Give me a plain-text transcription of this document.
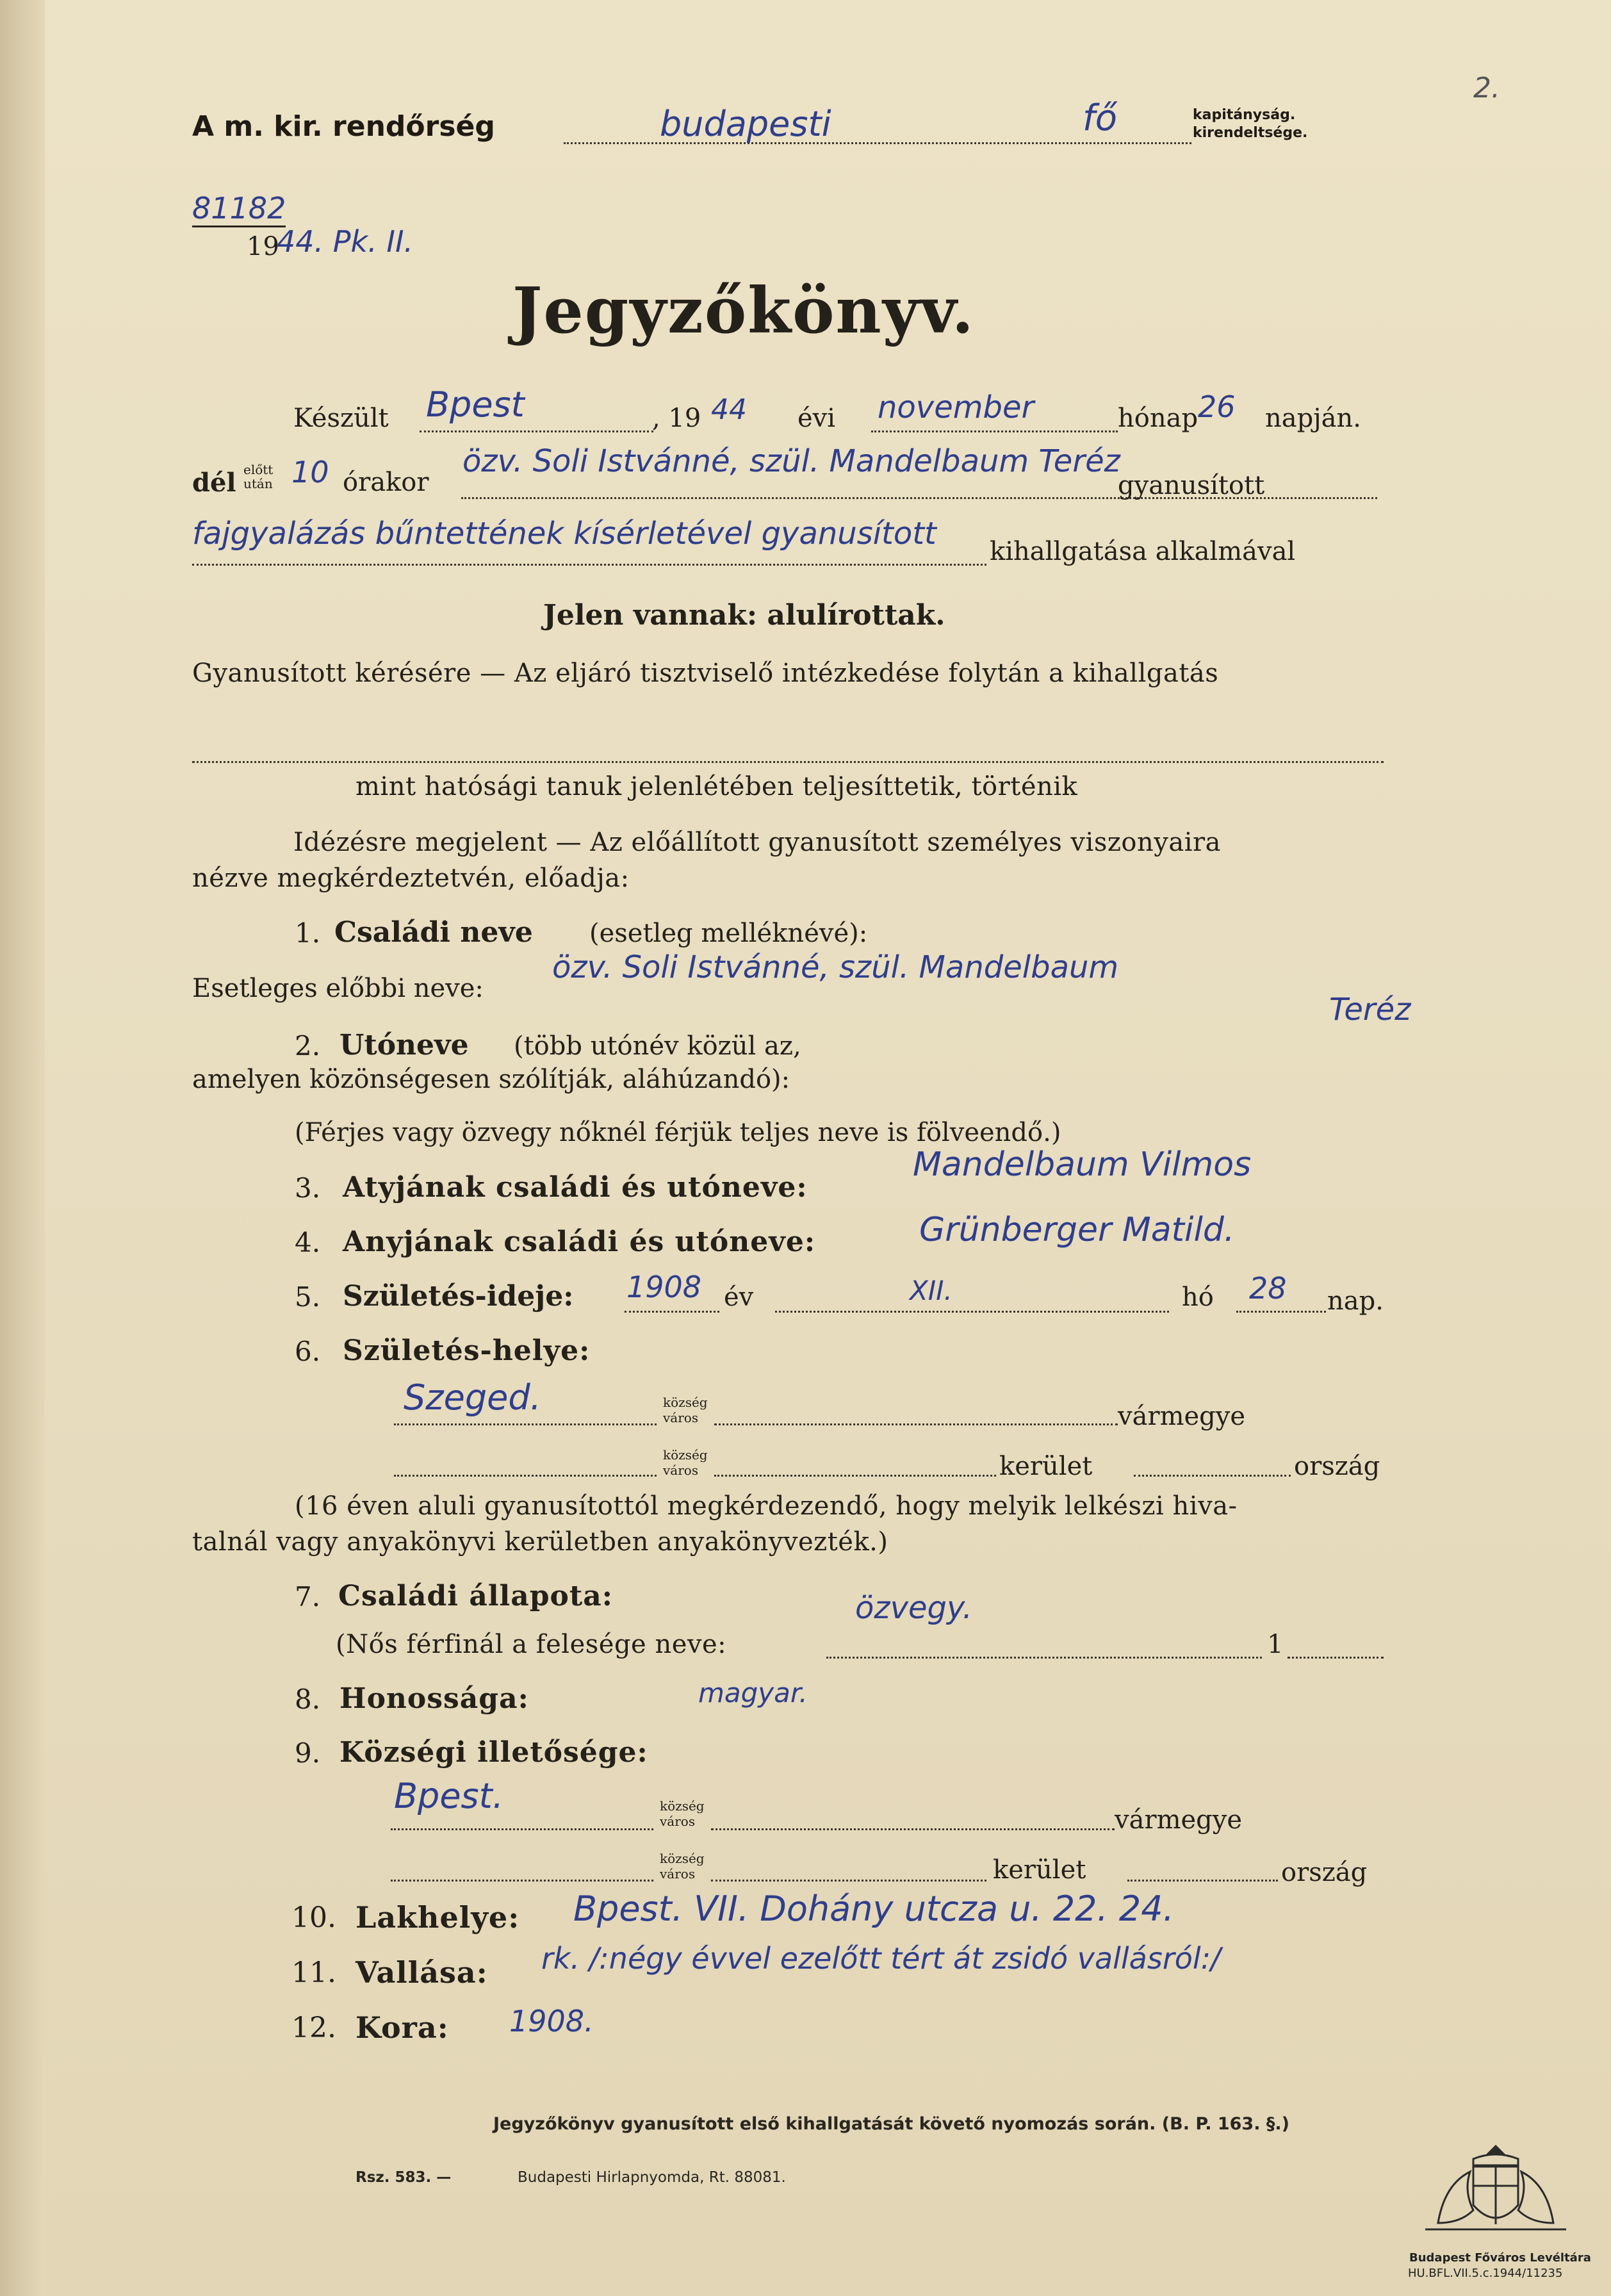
A m. kir. rendőrség	budapesti	fő	kapitányság.
kirendeltsége.
2.
81182
19
44. Pk. II.
Jegyzőkönyv.
Készült Bpest	, 19 44 évi november	hónap 26 napján.
dél előtt
után 10 órakor
özv. Soli Istvánné, szül. Mandelbaum Teréz
gyanusított
fajgyalázás bűntettének kísérletével gyanusított kihallgatása alkalmával
Jelen vannak: alulírottak.
Gyanusított kérésére — Az eljáró tisztviselő intézkedése folytán a kihallgatás
mint hatósági tanuk jelenlétében teljesíttetik, történik
Idézésre megjelent — Az előállított gyanusított személyes viszonyaira
nézve megkérdeztetvén, előadja:
1. Családi neve (esetleg melléknévé):
Esetleges előbbi neve:
özv. Soli Istvánné, szül. Mandelbaum
Teréz
2. Utóneve (több utónév közül az,
amelyen közönségesen szólítják, aláhúzandó):
(Férjes vagy özvegy nőknél férjük teljes neve is fölveendő.)
3. Atyjának családi és utóneve:
Mandelbaum Vilmos
4. Anyjának családi és utóneve:	Grünberger Matild.
5. Születés-ideje: 1908 év	XII.	hó 28 nap.
6. Születés-helye:
Szeged.	község
város	vármegye
község
város	kerület	ország
(16 éven aluli gyanusítottól megkérdezendő, hogy melyik lelkészi hiva-
talnál vagy anyakönyvi kerületben anyakönyvezték.)
7. Családi állapota:	özvegy.
(Nős férfinál a felesége neve:	1
8. Honossága:	magyar.
9. Községi illetősége:
Bpest.	község
város	vármegye
község
város	kerület	ország
10. Lakhelye: Bpest. VII. Dohány utcza u. 22. 24.
11. Vallása: rk. /:négy évvel ezelőtt tért át zsidó vallásról:/
12. Kora: 1908.
Jegyzőkönyv gyanusított első kihallgatását követő nyomozás során. (B. P. 163. §.)
Rsz. 583. —	Budapesti Hirlapnyomda, Rt. 88081.
Budapest Főváros Levéltára
HU.BFL.VII.5.c.1944/11235
